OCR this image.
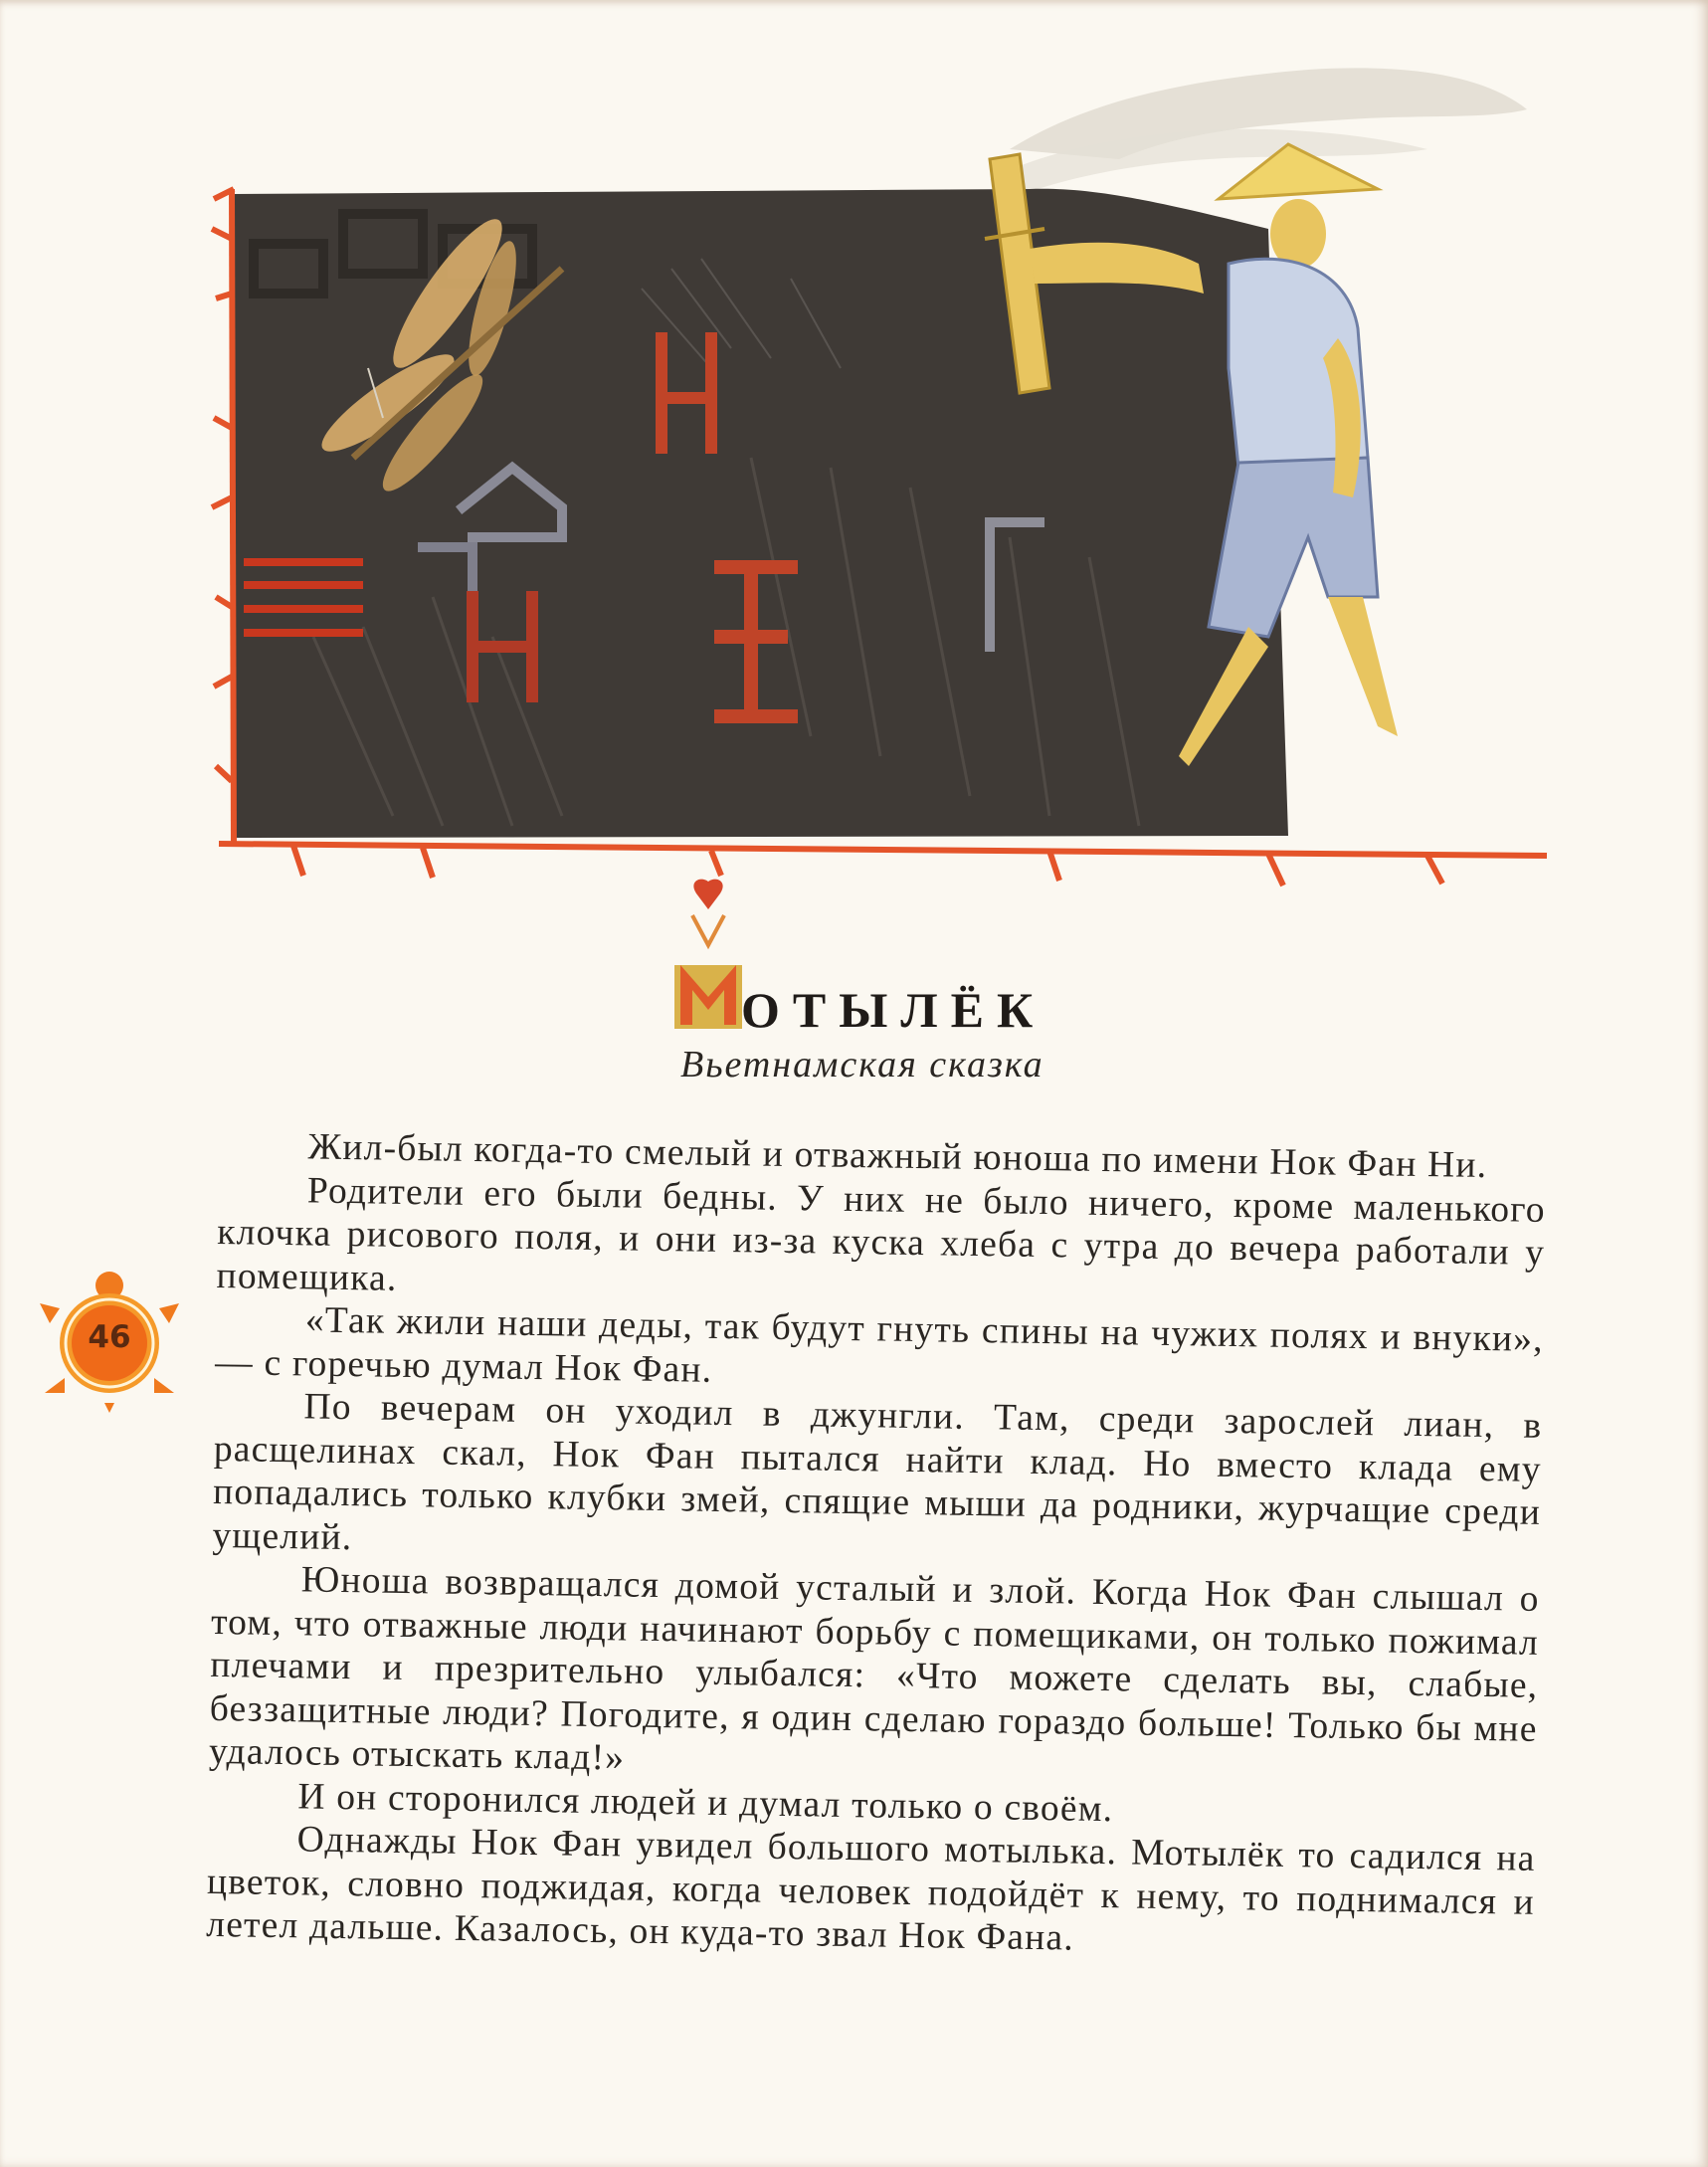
ОТЫЛЁК
Вьетнамская сказка
46

Жил-был когда-то смелый и отважный юноша по имени Нок Фан Ни.

Родители его были бедны. У них не было ничего, кроме маленького клочка рисового поля, и они из-за куска хлеба с утра до вечера работали у помещика.

«Так жили наши деды, так будут гнуть спины на чужих полях и внуки»,— с горечью думал Нок Фан.

По вечерам он уходил в джунгли. Там, среди зарослей лиан, в расщелинах скал, Нок Фан пытался найти клад. Но вместо клада ему попадались только клубки змей, спящие мыши да родники, журчащие среди ущелий.

Юноша возвращался домой усталый и злой. Когда Нок Фан слышал о том, что отважные люди начинают борьбу с помещиками, он только пожимал плечами и презрительно улыбался: «Что можете сделать вы, слабые, беззащитные люди? Погодите, я один сделаю гораздо больше! Только бы мне удалось отыскать клад!»

И он сторонился людей и думал только о своём.

Однажды Нок Фан увидел большого мотылька. Мотылёк то садился на цветок, словно поджидая, когда человек подойдёт к нему, то поднимался и летел дальше. Казалось, он куда-то звал Нок Фана.
